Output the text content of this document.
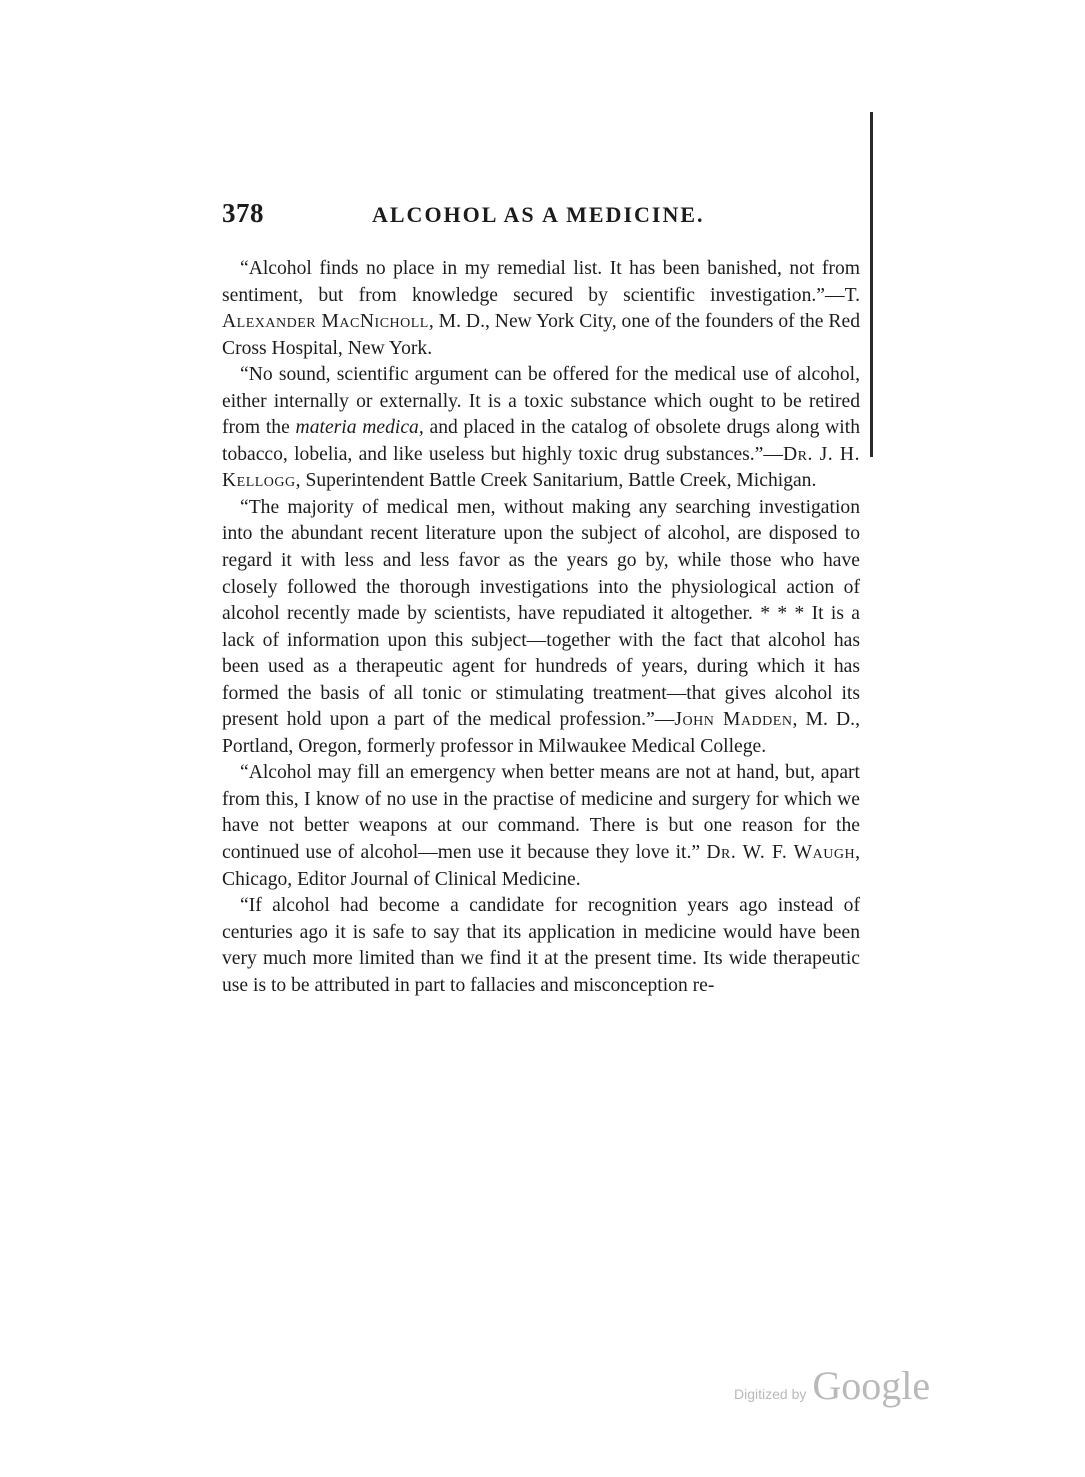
378	ALCOHOL AS A MEDICINE.

“Alcohol finds no place in my remedial list. It has been banished, not from sentiment, but from knowledge secured by scientific investigation.”—T. Alexander MacNicholl, M. D., New York City, one of the founders of the Red Cross Hospital, New York.

“No sound, scientific argument can be offered for the medical use of alcohol, either internally or externally. It is a toxic substance which ought to be retired from the materia medica, and placed in the catalog of obsolete drugs along with tobacco, lobelia, and like useless but highly toxic drug substances.”—Dr. J. H. Kellogg, Superintendent Battle Creek Sanitarium, Battle Creek, Michigan.

“The majority of medical men, without making any searching investigation into the abundant recent literature upon the subject of alcohol, are disposed to regard it with less and less favor as the years go by, while those who have closely followed the thorough investigations into the physiological action of alcohol recently made by scientists, have repudiated it altogether. * * * It is a lack of information upon this subject—together with the fact that alcohol has been used as a therapeutic agent for hundreds of years, during which it has formed the basis of all tonic or stimulating treatment—that gives alcohol its present hold upon a part of the medical profession.”—John Madden, M. D., Portland, Oregon, formerly professor in Milwaukee Medical College.

“Alcohol may fill an emergency when better means are not at hand, but, apart from this, I know of no use in the practise of medicine and surgery for which we have not better weapons at our command. There is but one reason for the continued use of alcohol—men use it because they love it.” Dr. W. F. Waugh, Chicago, Editor Journal of Clinical Medicine.

“If alcohol had become a candidate for recognition years ago instead of centuries ago it is safe to say that its application in medicine would have been very much more limited than we find it at the present time. Its wide therapeutic use is to be attributed in part to fallacies and misconception re-

Digitized by Google
